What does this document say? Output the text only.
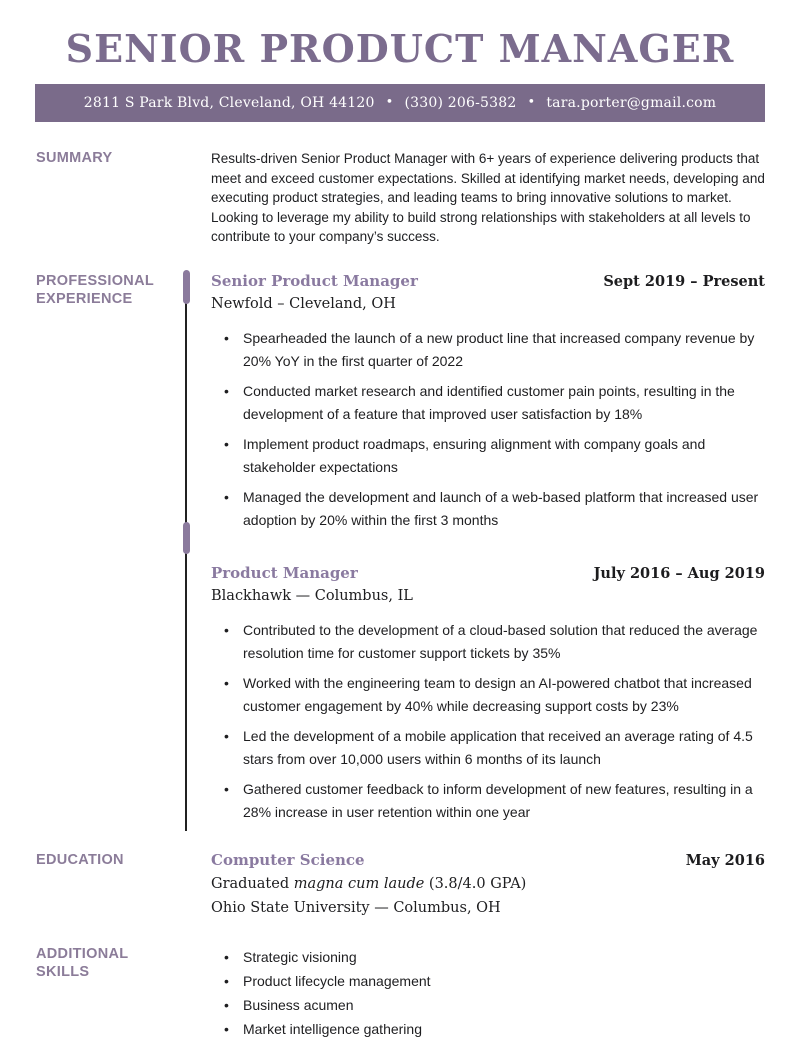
SENIOR PRODUCT MANAGER
2811 S Park Blvd, Cleveland, OH 44120 • (330) 206-5382 • tara.porter@gmail.com
SUMMARY	Results-driven Senior Product Manager with 6+ years of experience delivering products that meet and exceed customer expectations. Skilled at identifying market needs, developing and executing product strategies, and leading teams to bring innovative solutions to market. Looking to leverage my ability to build strong relationships with stakeholders at all levels to contribute to your company’s success.
PROFESSIONAL
EXPERIENCE
Senior Product Manager	Sept 2019 – Present
Newfold – Cleveland, OH
• Spearheaded the launch of a new product line that increased company revenue by 20% YoY in the first quarter of 2022
• Conducted market research and identified customer pain points, resulting in the development of a feature that improved user satisfaction by 18%
• Implement product roadmaps, ensuring alignment with company goals and stakeholder expectations
• Managed the development and launch of a web-based platform that increased user adoption by 20% within the first 3 months
Product Manager	July 2016 – Aug 2019
Blackhawk — Columbus, IL
• Contributed to the development of a cloud-based solution that reduced the average resolution time for customer support tickets by 35%
• Worked with the engineering team to design an AI-powered chatbot that increased customer engagement by 40% while decreasing support costs by 23%
• Led the development of a mobile application that received an average rating of 4.5 stars from over 10,000 users within 6 months of its launch
• Gathered customer feedback to inform development of new features, resulting in a 28% increase in user retention within one year
EDUCATION	Computer Science	May 2016
Graduated magna cum laude (3.8/4.0 GPA)
Ohio State University — Columbus, OH
ADDITIONAL
SKILLS
• Strategic visioning
• Product lifecycle management
• Business acumen
• Market intelligence gathering
